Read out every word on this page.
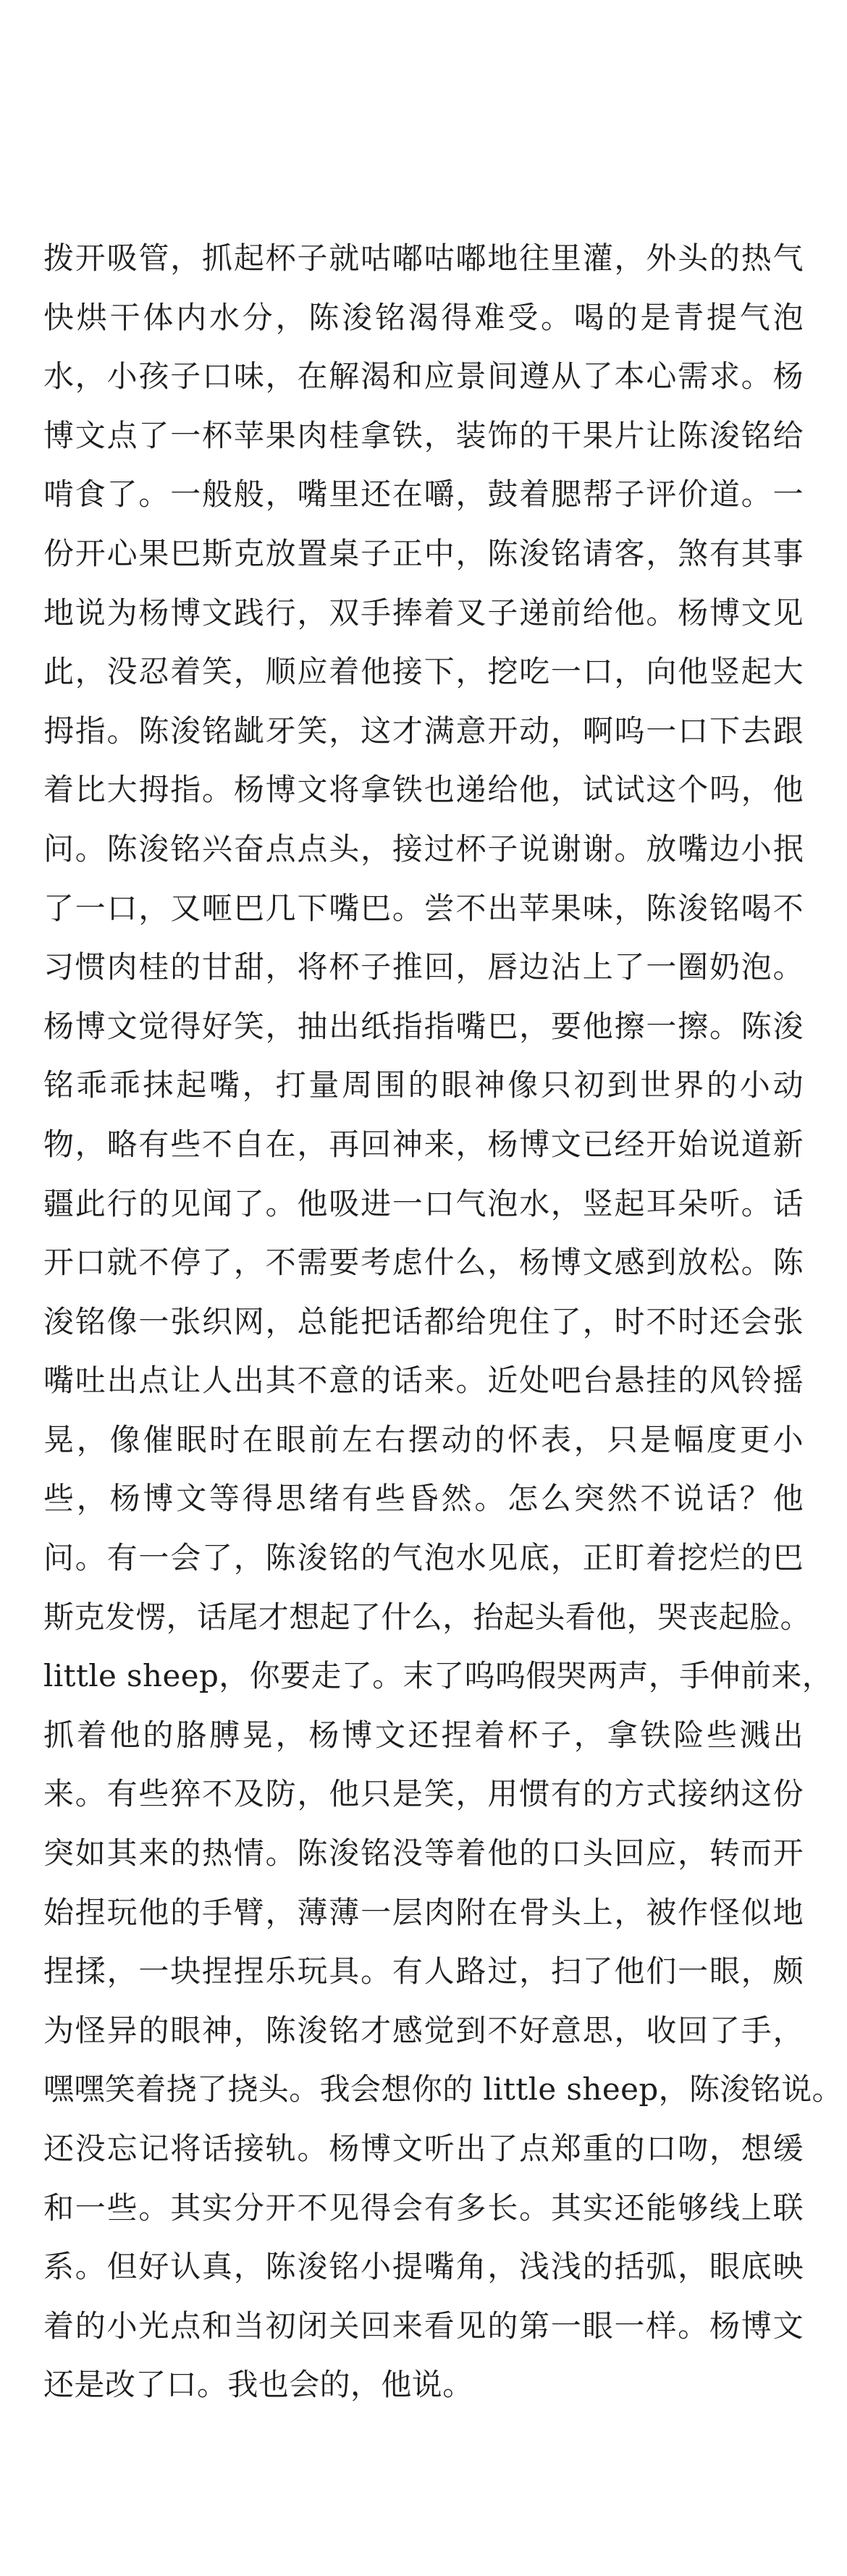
拨开吸管，抓起杯子就咕嘟咕嘟地往里灌，外头的热气
快烘干体内水分，陈浚铭渴得难受。喝的是青提气泡
水，小孩子口味，在解渴和应景间遵从了本心需求。杨
博文点了一杯苹果肉桂拿铁，装饰的干果片让陈浚铭给
啃食了。一般般，嘴里还在嚼，鼓着腮帮子评价道。一
份开心果巴斯克放置桌子正中，陈浚铭请客，煞有其事
地说为杨博文践行，双手捧着叉子递前给他。杨博文见
此，没忍着笑，顺应着他接下，挖吃一口，向他竖起大
拇指。陈浚铭龇牙笑，这才满意开动，啊呜一口下去跟
着比大拇指。杨博文将拿铁也递给他，试试这个吗，他
问。陈浚铭兴奋点点头，接过杯子说谢谢。放嘴边小抿
了一口，又咂巴几下嘴巴。尝不出苹果味，陈浚铭喝不
习惯肉桂的甘甜，将杯子推回，唇边沾上了一圈奶泡。
杨博文觉得好笑，抽出纸指指嘴巴，要他擦一擦。陈浚
铭乖乖抹起嘴，打量周围的眼神像只初到世界的小动
物，略有些不自在，再回神来，杨博文已经开始说道新
疆此行的见闻了。他吸进一口气泡水，竖起耳朵听。话
开口就不停了，不需要考虑什么，杨博文感到放松。陈
浚铭像一张织网，总能把话都给兜住了，时不时还会张
嘴吐出点让人出其不意的话来。近处吧台悬挂的风铃摇
晃，像催眠时在眼前左右摆动的怀表，只是幅度更小
些，杨博文等得思绪有些昏然。怎么突然不说话？他
问。有一会了，陈浚铭的气泡水见底，正盯着挖烂的巴
斯克发愣，话尾才想起了什么，抬起头看他，哭丧起脸。
little sheep，你要走了。末了呜呜假哭两声，手伸前来，
抓着他的胳膊晃，杨博文还捏着杯子，拿铁险些溅出
来。有些猝不及防，他只是笑，用惯有的方式接纳这份
突如其来的热情。陈浚铭没等着他的口头回应，转而开
始捏玩他的手臂，薄薄一层肉附在骨头上，被作怪似地
捏揉，一块捏捏乐玩具。有人路过，扫了他们一眼，颇
为怪异的眼神，陈浚铭才感觉到不好意思，收回了手，
嘿嘿笑着挠了挠头。我会想你的 little sheep，陈浚铭说。
还没忘记将话接轨。杨博文听出了点郑重的口吻，想缓
和一些。其实分开不见得会有多长。其实还能够线上联
系。但好认真，陈浚铭小提嘴角，浅浅的括弧，眼底映
着的小光点和当初闭关回来看见的第一眼一样。杨博文
还是改了口。我也会的，他说。
